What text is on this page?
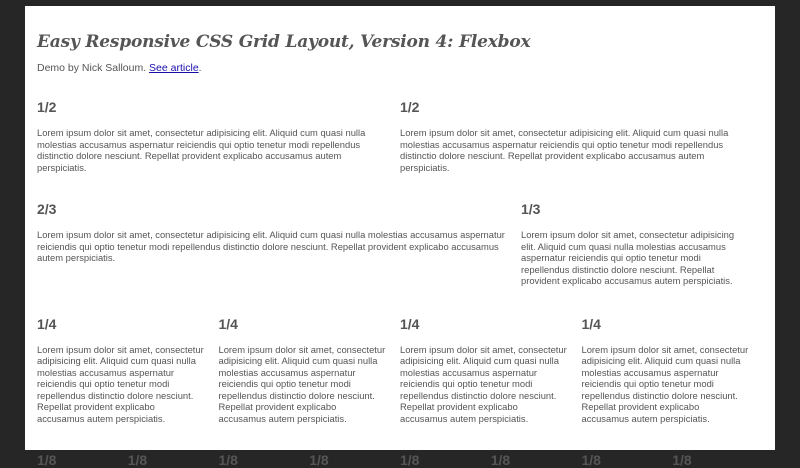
Easy Responsive CSS Grid Layout, Version 4: Flexbox

Demo by Nick Salloum. See article.

1/2

Lorem ipsum dolor sit amet, consectetur adipisicing elit. Aliquid cum quasi nulla molestias accusamus aspernatur reiciendis qui optio tenetur modi repellendus distinctio dolore nesciunt. Repellat provident explicabo accusamus autem perspiciatis.

1/2

Lorem ipsum dolor sit amet, consectetur adipisicing elit. Aliquid cum quasi nulla molestias accusamus aspernatur reiciendis qui optio tenetur modi repellendus distinctio dolore nesciunt. Repellat provident explicabo accusamus autem perspiciatis.

2/3

Lorem ipsum dolor sit amet, consectetur adipisicing elit. Aliquid cum quasi nulla molestias accusamus aspernatur reiciendis qui optio tenetur modi repellendus distinctio dolore nesciunt. Repellat provident explicabo accusamus autem perspiciatis.

1/3

Lorem ipsum dolor sit amet, consectetur adipisicing elit. Aliquid cum quasi nulla molestias accusamus aspernatur reiciendis qui optio tenetur modi repellendus distinctio dolore nesciunt. Repellat provident explicabo accusamus autem perspiciatis.

1/4

Lorem ipsum dolor sit amet, consectetur adipisicing elit. Aliquid cum quasi nulla molestias accusamus aspernatur reiciendis qui optio tenetur modi repellendus distinctio dolore nesciunt. Repellat provident explicabo accusamus autem perspiciatis.

1/4

Lorem ipsum dolor sit amet, consectetur adipisicing elit. Aliquid cum quasi nulla molestias accusamus aspernatur reiciendis qui optio tenetur modi repellendus distinctio dolore nesciunt. Repellat provident explicabo accusamus autem perspiciatis.

1/4

Lorem ipsum dolor sit amet, consectetur adipisicing elit. Aliquid cum quasi nulla molestias accusamus aspernatur reiciendis qui optio tenetur modi repellendus distinctio dolore nesciunt. Repellat provident explicabo accusamus autem perspiciatis.

1/4

Lorem ipsum dolor sit amet, consectetur adipisicing elit. Aliquid cum quasi nulla molestias accusamus aspernatur reiciendis qui optio tenetur modi repellendus distinctio dolore nesciunt. Repellat provident explicabo accusamus autem perspiciatis.

1/8	1/8	1/8	1/8	1/8	1/8	1/8	1/8
